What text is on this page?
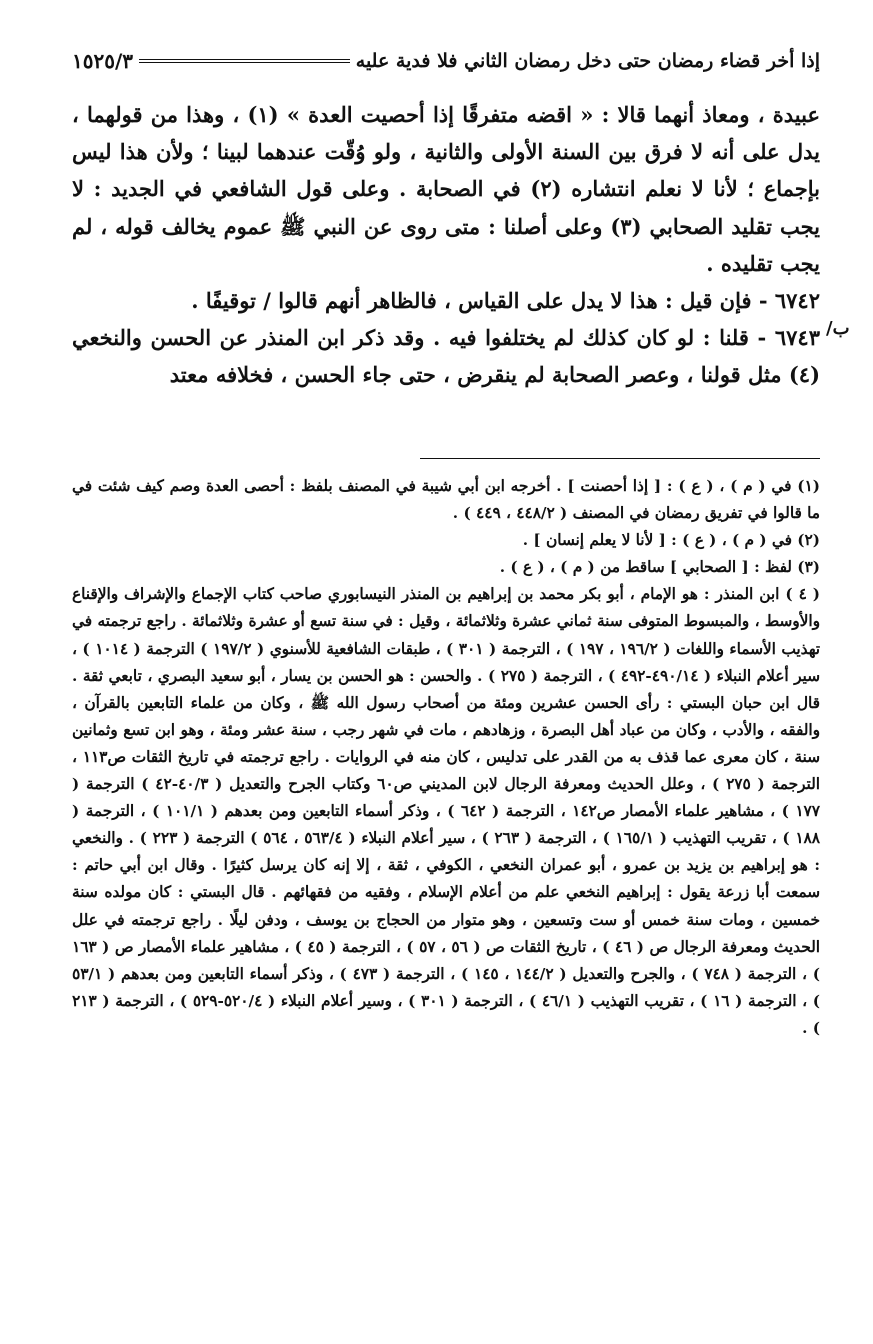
إذا أخر قضاء رمضان حتى دخل رمضان الثاني فلا فدية عليه
١٥٢٥/٣
/ب

عبيدة ، ومعاذ أنهما قالا : « اقضه متفرقًا إذا أحصيت العدة » (١) ، وهذا من قولهما ، يدل على أنه لا فرق بين السنة الأولى والثانية ، ولو وُقّت عندهما لبينا ؛ ولأن هذا ليس بإجماع ؛ لأنا لا نعلم انتشاره (٢) في الصحابة . وعلى قول الشافعي في الجديد : لا يجب تقليد الصحابي (٣) وعلى أصلنا : متى روى عن النبي ﷺ عموم يخالف قوله ، لم يجب تقليده .

٦٧٤٢ - فإن قيل : هذا لا يدل على القياس ، فالظاهر أنهم قالوا / توقيفًا .

٦٧٤٣ - قلنا : لو كان كذلك لم يختلفوا فيه . وقد ذكر ابن المنذر عن الحسن والنخعي (٤) مثل قولنا ، وعصر الصحابة لم ينقرض ، حتى جاء الحسن ، فخلافه معتد

(١) في ( م ) ، ( ع ) : [ إذا أحصنت ] . أخرجه ابن أبي شيبة في المصنف بلفظ : أحصى العدة وصم كيف شئت في ما قالوا في تفريق رمضان في المصنف ( ٤٤٨/٢ ، ٤٤٩ ) .

(٢) في ( م ) ، ( ع ) : [ لأنا لا يعلم إنسان ] .

(٣) لفظ : [ الصحابي ] ساقط من ( م ) ، ( ع ) .

( ٤ ) ابن المنذر : هو الإمام ، أبو بكر محمد بن إبراهيم بن المنذر النيسابوري صاحب كتاب الإجماع والإشراف والإقناع والأوسط ، والمبسوط المتوفى سنة ثماني عشرة وثلاثمائة ، وقيل : في سنة تسع أو عشرة وثلاثمائة . راجع ترجمته في تهذيب الأسماء واللغات ( ١٩٦/٢ ، ١٩٧ ) ، الترجمة ( ٣٠١ ) ، طبقات الشافعية للأسنوي ( ١٩٧/٢ ) الترجمة ( ١٠١٤ ) ، سير أعلام النبلاء ( ٤٩٠/١٤-٤٩٢ ) ، الترجمة ( ٢٧٥ ) . والحسن : هو الحسن بن يسار ، أبو سعيد البصري ، تابعي ثقة . قال ابن حبان البستي : رأى الحسن عشرين ومئة من أصحاب رسول الله ﷺ ، وكان من علماء التابعين بالقرآن ، والفقه ، والأدب ، وكان من عباد أهل البصرة ، وزهادهم ، مات في شهر رجب ، سنة عشر ومئة ، وهو ابن تسع وثمانين سنة ، كان معرى عما قذف به من القدر على تدليس ، كان منه في الروايات . راجع ترجمته في تاريخ الثقات ص١١٣ ، الترجمة ( ٢٧٥ ) ، وعلل الحديث ومعرفة الرجال لابن المديني ص٦٠ وكتاب الجرح والتعديل ( ٤٠/٣-٤٢ ) الترجمة ( ١٧٧ ) ، مشاهير علماء الأمصار ص١٤٢ ، الترجمة ( ٦٤٢ ) ، وذكر أسماء التابعين ومن بعدهم ( ١٠١/١ ) ، الترجمة ( ١٨٨ ) ، تقريب التهذيب ( ١٦٥/١ ) ، الترجمة ( ٢٦٣ ) ، سير أعلام النبلاء ( ٥٦٣/٤ ، ٥٦٤ ) الترجمة ( ٢٢٣ ) . والنخعي : هو إبراهيم بن يزيد بن عمرو ، أبو عمران النخعي ، الكوفي ، ثقة ، إلا إنه كان يرسل كثيرًا . وقال ابن أبي حاتم : سمعت أبا زرعة يقول : إبراهيم النخعي علم من أعلام الإسلام ، وفقيه من فقهائهم . قال البستي : كان مولده سنة خمسين ، ومات سنة خمس أو ست وتسعين ، وهو متوار من الحجاج بن يوسف ، ودفن ليلًا . راجع ترجمته في علل الحديث ومعرفة الرجال ص ( ٤٦ ) ، تاريخ الثقات ص ( ٥٦ ، ٥٧ ) ، الترجمة ( ٤٥ ) ، مشاهير علماء الأمصار ص ( ١٦٣ ) ، الترجمة ( ٧٤٨ ) ، والجرح والتعديل ( ١٤٤/٢ ، ١٤٥ ) ، الترجمة ( ٤٧٣ ) ، وذكر أسماء التابعين ومن بعدهم ( ٥٣/١ ) ، الترجمة ( ١٦ ) ، تقريب التهذيب ( ٤٦/١ ) ، الترجمة ( ٣٠١ ) ، وسير أعلام النبلاء ( ٥٢٠/٤-٥٢٩ ) ، الترجمة ( ٢١٣ ) .
